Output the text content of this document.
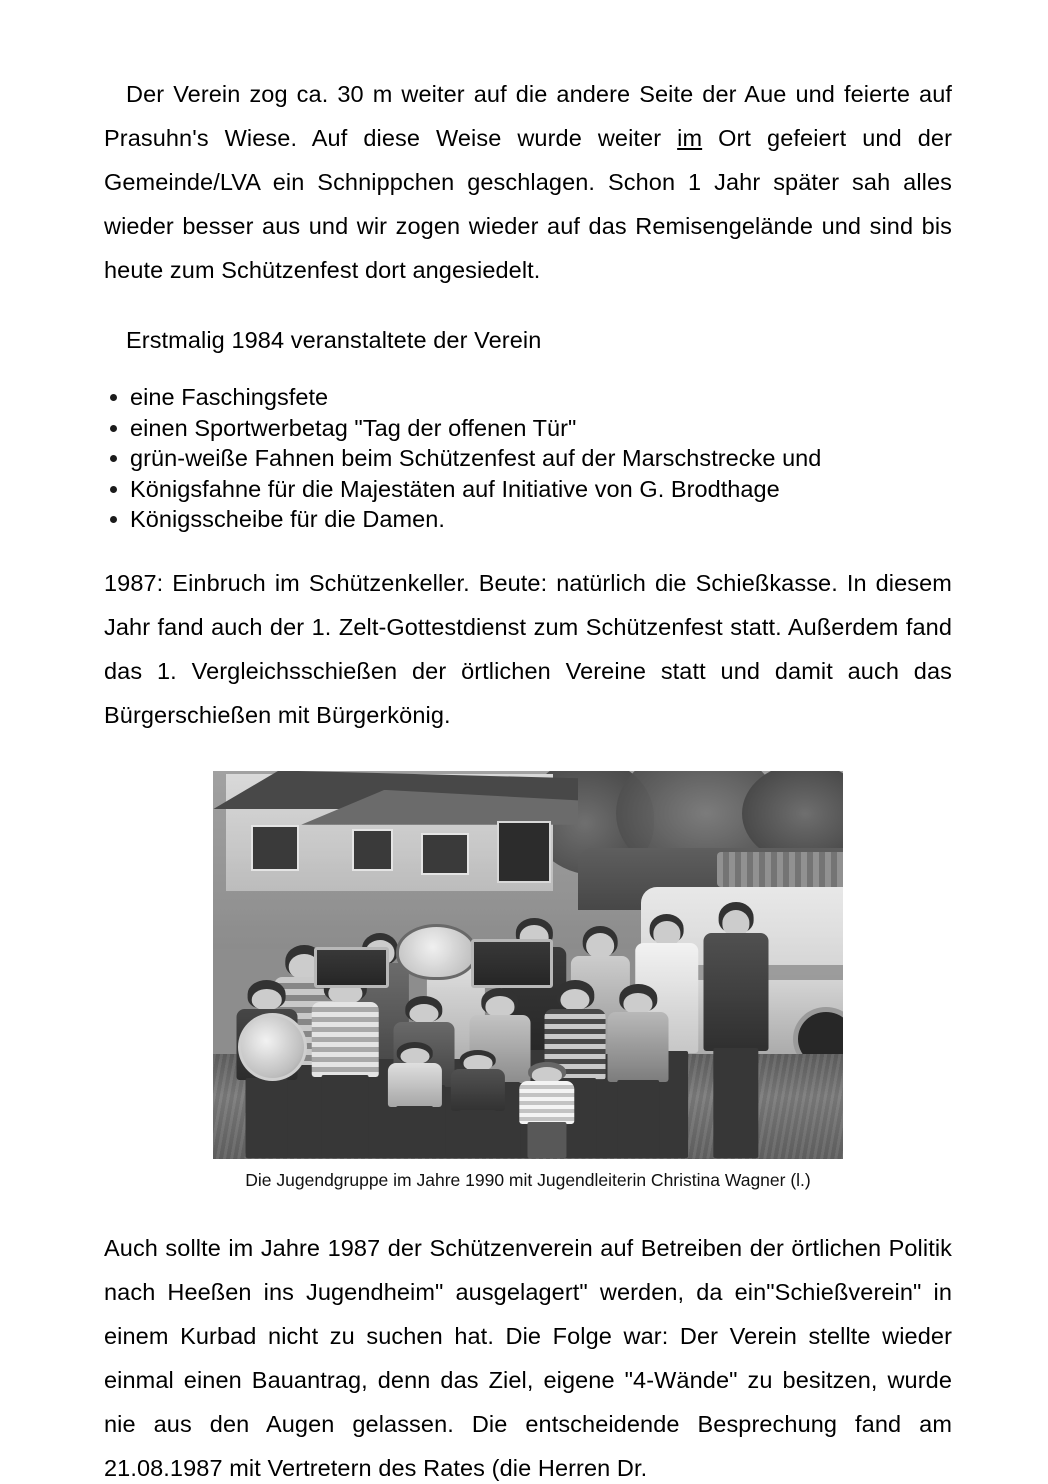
Der Verein zog ca. 30 m weiter auf die andere Seite der Aue und feierte auf Prasuhn's Wiese. Auf diese Weise wurde weiter im Ort gefeiert und der Gemeinde/LVA ein Schnippchen geschlagen. Schon 1 Jahr später sah alles wieder besser aus und wir zogen wieder auf das Remisengelände und sind bis heute zum Schützenfest dort angesiedelt.

Erstmalig 1984 veranstaltete der Verein

eine Faschingsfete
einen Sportwerbetag "Tag der offenen Tür"
grün-weiße Fahnen beim Schützenfest auf der Marschstrecke und
Königsfahne für die Majestäten auf Initiative von G. Brodthage
Königsscheibe für die Damen.

1987: Einbruch im Schützenkeller. Beute: natürlich die Schießkasse. In diesem Jahr fand auch der 1. Zelt-Gottestdienst zum Schützenfest statt. Außerdem fand das 1. Vergleichsschießen der örtlichen Vereine statt und damit auch das Bürgerschießen mit Bürgerkönig.

Die Jugendgruppe im Jahre 1990 mit Jugendleiterin Christina Wagner (l.)

Auch sollte im Jahre 1987 der Schützenverein auf Betreiben der örtlichen Politik nach Heeßen ins Jugendheim" ausgelagert" werden, da ein"Schießverein" in einem Kurbad nicht zu suchen hat. Die Folge war: Der Verein stellte wieder einmal einen Bauantrag, denn das Ziel, eigene "4-Wände" zu besitzen, wurde nie aus den Augen gelassen. Die entscheidende Besprechung fand am 21.08.1987 mit Vertretern des Rates (die Herren Dr.
